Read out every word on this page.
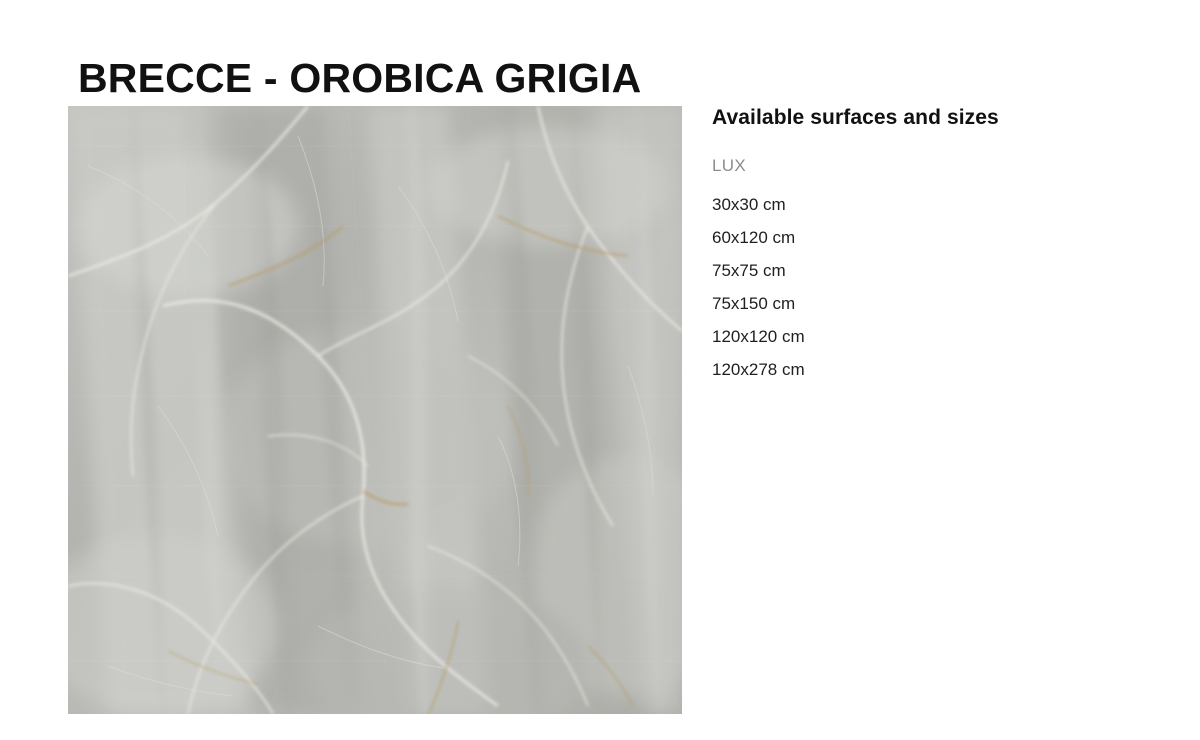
BRECCE - OROBICA GRIGIA
Available surfaces and sizes

LUX

30x30 cm
60x120 cm
75x75 cm
75x150 cm
120x120 cm
120x278 cm
